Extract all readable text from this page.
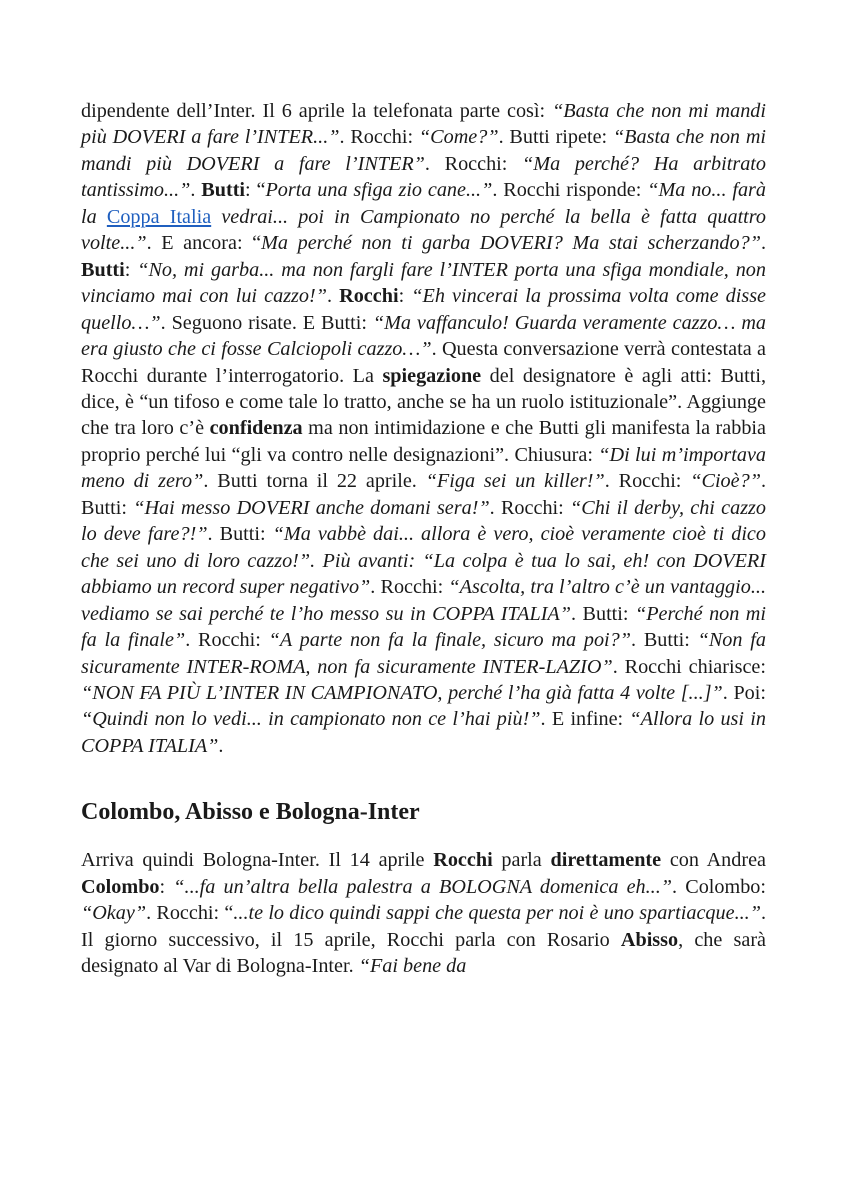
dipendente dell’Inter. Il 6 aprile la telefonata parte così: “Basta che non mi mandi più DOVERI a fare l’INTER...”. Rocchi: “Come?”. Butti ripete: “Basta che non mi mandi più DOVERI a fare l’INTER”. Rocchi: “Ma perché? Ha arbitrato tantissimo...”. Butti: “Porta una sfiga zio cane...”. Rocchi risponde: “Ma no... farà la Coppa Italia vedrai... poi in Campionato no perché la bella è fatta quattro volte...”. E ancora: “Ma perché non ti garba DOVERI? Ma stai scherzando?”. Butti: “No, mi garba... ma non fargli fare l’INTER porta una sfiga mondiale, non vinciamo mai con lui cazzo!”. Rocchi: “Eh vincerai la prossima volta come disse quello…”. Seguono risate. E Butti: “Ma vaffanculo! Guarda veramente cazzo… ma era giusto che ci fosse Calciopoli cazzo…”. Questa conversazione verrà contestata a Rocchi durante l’interrogatorio. La spiegazione del designatore è agli atti: Butti, dice, è “un tifoso e come tale lo tratto, anche se ha un ruolo istituzionale”. Aggiunge che tra loro c’è confidenza ma non intimidazione e che Butti gli manifesta la rabbia proprio perché lui “gli va contro nelle designazioni”. Chiusura: “Di lui m’importava meno di zero”. Butti torna il 22 aprile. “Figa sei un killer!”. Rocchi: “Cioè?”. Butti: “Hai messo DOVERI anche domani sera!”. Rocchi: “Chi il derby, chi cazzo lo deve fare?!”. Butti: “Ma vabbè dai... allora è vero, cioè veramente cioè ti dico che sei uno di loro cazzo!”. Più avanti: “La colpa è tua lo sai, eh! con DOVERI abbiamo un record super negativo”. Rocchi: “Ascolta, tra l’altro c’è un vantaggio... vediamo se sai perché te l’ho messo su in COPPA ITALIA”. Butti: “Perché non mi fa la finale”. Rocchi: “A parte non fa la finale, sicuro ma poi?”. Butti: “Non fa sicuramente INTER-ROMA, non fa sicuramente INTER-LAZIO”. Rocchi chiarisce: “NON FA PIÙ L’INTER IN CAMPIONATO, perché l’ha già fatta 4 volte [...]”. Poi: “Quindi non lo vedi... in campionato non ce l’hai più!”. E infine: “Allora lo usi in COPPA ITALIA”.

Colombo, Abisso e Bologna-Inter

Arriva quindi Bologna-Inter. Il 14 aprile Rocchi parla direttamente con Andrea Colombo: “...fa un’altra bella palestra a BOLOGNA domenica eh...”. Colombo: “Okay”. Rocchi: “...te lo dico quindi sappi che questa per noi è uno spartiacque...”. Il giorno successivo, il 15 aprile, Rocchi parla con Rosario Abisso, che sarà designato al Var di Bologna-Inter. “Fai bene da
